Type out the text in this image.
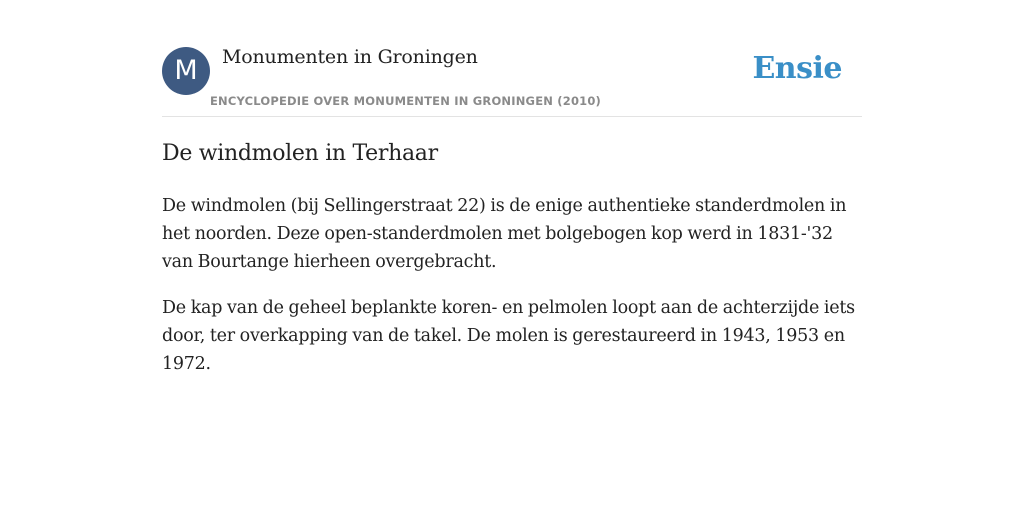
M	Monumenten in Groningen
ENCYCLOPEDIE OVER MONUMENTEN IN GRONINGEN (2010)
Ensie
De windmolen in Terhaar

De windmolen (bij Sellingerstraat 22) is de enige authentieke standerdmolen in het noorden. Deze open-standerdmolen met bolgebogen kop werd in 1831-'32 van Bourtange hierheen overgebracht.

De kap van de geheel beplankte koren- en pelmolen loopt aan de achterzijde iets door, ter overkapping van de takel. De molen is gerestaureerd in 1943, 1953 en 1972.
